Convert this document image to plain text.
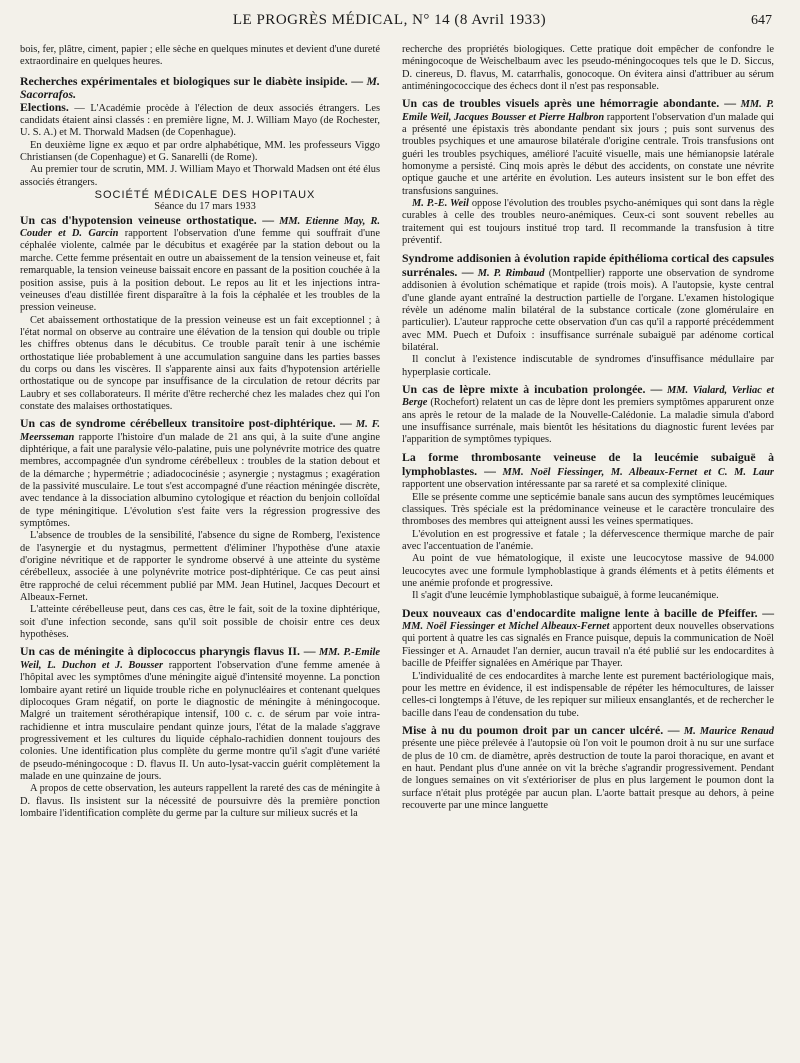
LE PROGRÈS MÉDICAL, N° 14 (8 Avril 1933)	647

bois, fer, plâtre, ciment, papier ; elle sèche en quelques minutes et devient d'une dureté extraordinaire en quelques heures.

Recherches expérimentales et biologiques sur le diabète insipide. — M. Sacorrafos.

Elections. — L'Académie procède à l'élection de deux associés étrangers. Les candidats étaient ainsi classés : en première ligne, M. J. William Mayo (de Rochester, U. S. A.) et M. Thorwald Madsen (de Copenhague).

En deuxième ligne ex æquo et par ordre alphabétique, MM. les professeurs Viggo Christiansen (de Copenhague) et G. Sanarelli (de Rome).

Au premier tour de scrutin, MM. J. William Mayo et Thorwald Madsen ont été élus associés étrangers.

SOCIÉTÉ MÉDICALE DES HOPITAUX

Séance du 17 mars 1933

Un cas d'hypotension veineuse orthostatique. — MM. Etienne May, R. Couder et D. Garcin rapportent l'observation d'une femme qui souffrait d'une céphalée violente, calmée par le décubitus et exagérée par la station debout ou la marche. Cette femme présentait en outre un abaissement de la tension veineuse et, fait remarquable, la tension veineuse baissait encore en passant de la position couchée à la position assise, puis à la position debout. Le repos au lit et les injections intra-veineuses d'eau distillée firent disparaître à la fois la céphalée et les troubles de la pression veineuse.

Cet abaissement orthostatique de la pression veineuse est un fait exceptionnel ; à l'état normal on observe au contraire une élévation de la tension qui double ou triple les chiffres obtenus dans le décubitus. Ce trouble paraît tenir à une ischémie orthostatique liée probablement à une accumulation sanguine dans les parties basses du corps ou dans les viscères. Il s'apparente ainsi aux faits d'hypotension artérielle orthostatique ou de syncope par insuffisance de la circulation de retour décrits par Laubry et ses collaborateurs. Il mérite d'être recherché chez les malades chez qui l'on constate des malaises orthostatiques.

Un cas de syndrome cérébelleux transitoire post-diphtérique. — M. F. Meersseman rapporte l'histoire d'un malade de 21 ans qui, à la suite d'une angine diphtérique, a fait une paralysie vélo-palatine, puis une polynévrite motrice des quatre membres, accompagnée d'un syndrome cérébelleux : troubles de la station debout et de la démarche ; hypermétrie ; adiadococinésie ; asynergie ; nystagmus ; exagération de la passivité musculaire. Le tout s'est accompagné d'une réaction méningée discrète, avec tendance à la dissociation albumino cytologique et réaction du benjoin colloïdal de type méningitique. L'évolution s'est faite vers la régression progressive des symptômes.

L'absence de troubles de la sensibilité, l'absence du signe de Romberg, l'existence de l'asynergie et du nystagmus, permettent d'éliminer l'hypothèse d'une ataxie d'origine névritique et de rapporter le syndrome observé à une atteinte du système cérébelleux, associée à une polynévrite motrice post-diphtérique. Ce cas peut ainsi être rapproché de celui récemment publié par MM. Jean Hutinel, Jacques Decourt et Albeaux-Fernet.

L'atteinte cérébelleuse peut, dans ces cas, être le fait, soit de la toxine diphtérique, soit d'une infection seconde, sans qu'il soit possible de choisir entre ces deux hypothèses.

Un cas de méningite à diplococcus pharyngis flavus II. — MM. P.-Emile Weil, L. Duchon et J. Bousser rapportent l'observation d'une femme amenée à l'hôpital avec les symptômes d'une méningite aiguë d'intensité moyenne. La ponction lombaire ayant retiré un liquide trouble riche en polynucléaires et contenant quelques diplocoques Gram négatif, on porte le diagnostic de méningite à méningocoque. Malgré un traitement sérothérapique intensif, 100 c. c. de sérum par voie intra-rachidienne et intra musculaire pendant quinze jours, l'état de la malade s'aggrave progressivement et les cultures du liquide céphalo-rachidien donnent toujours des colonies. Une identification plus complète du germe montre qu'il s'agit d'une variété de pseudo-méningocoque : D. flavus II. Un auto-lysat-vaccin guérit complètement la malade en une quinzaine de jours.

A propos de cette observation, les auteurs rappellent la rareté des cas de méningite à D. flavus. Ils insistent sur la nécessité de poursuivre dès la première ponction lombaire l'identification complète du germe par la culture sur milieux sucrés et la

recherche des propriétés biologiques. Cette pratique doit empêcher de confondre le méningocoque de Weischelbaum avec les pseudo-méningocoques tels que le D. Siccus, D. cinereus, D. flavus, M. catarrhalis, gonocoque. On évitera ainsi d'attribuer au sérum antiméningococcique des échecs dont il n'est pas responsable.

Un cas de troubles visuels après une hémorragie abondante. — MM. P. Emile Weil, Jacques Bousser et Pierre Halbron rapportent l'observation d'un malade qui a présenté une épistaxis très abondante pendant six jours ; puis sont survenus des troubles psychiques et une amaurose bilatérale d'origine centrale. Trois transfusions ont guéri les troubles psychiques, amélioré l'acuité visuelle, mais une hémianopsie latérale homonyme a persisté. Cinq mois après le début des accidents, on constate une névrite optique gauche et une artérite en évolution. Les auteurs insistent sur le bon effet des transfusions sanguines.

M. P.-E. Weil oppose l'évolution des troubles psycho-anémiques qui sont dans la règle curables à celle des troubles neuro-anémiques. Ceux-ci sont souvent rebelles au traitement qui est toujours institué trop tard. Il recommande la transfusion à titre préventif.

Syndrome addisonien à évolution rapide épithélioma cortical des capsules surrénales. — M. P. Rimbaud (Montpellier) rapporte une observation de syndrome addisonien à évolution schématique et rapide (trois mois). A l'autopsie, kyste central d'une glande ayant entraîné la destruction partielle de l'organe. L'examen histologique révèle un adénome malin bilatéral de la substance corticale (zone glomérulaire en particulier). L'auteur rapproche cette observation d'un cas qu'il a rapporté précédemment avec MM. Puech et Dufoix : insuffisance surrénale subaiguë par adénome cortical bilatéral.

Il conclut à l'existence indiscutable de syndromes d'insuffisance médullaire par hyperplasie corticale.

Un cas de lèpre mixte à incubation prolongée. — MM. Vialard, Verliac et Berge (Rochefort) relatent un cas de lèpre dont les premiers symptômes apparurent onze ans après le retour de la malade de la Nouvelle-Calédonie. La maladie simula d'abord une insuffisance surrénale, mais bientôt les hésitations du diagnostic furent levées par l'apparition de symptômes typiques.

La forme thrombosante veineuse de la leucémie subaiguë à lymphoblastes. — MM. Noël Fiessinger, M. Albeaux-Fernet et C. M. Laur rapportent une observation intéressante par sa rareté et sa complexité clinique.

Elle se présente comme une septicémie banale sans aucun des symptômes leucémiques classiques. Très spéciale est la prédominance veineuse et le caractère tronculaire des thromboses des membres qui atteignent aussi les veines spermatiques.

L'évolution en est progressive et fatale ; la défervescence thermique marche de pair avec l'accentuation de l'anémie.

Au point de vue hématologique, il existe une leucocytose massive de 94.000 leucocytes avec une formule lymphoblastique à grands éléments et à petits éléments et une anémie profonde et progressive.

Il s'agit d'une leucémie lymphoblastique subaiguë, à forme leucanémique.

Deux nouveaux cas d'endocardite maligne lente à bacille de Pfeiffer. — MM. Noël Fiessinger et Michel Albeaux-Fernet apportent deux nouvelles observations qui portent à quatre les cas signalés en France puisque, depuis la communication de Noël Fiessinger et A. Arnaudet l'an dernier, aucun travail n'a été publié sur les endocardites à bacille de Pfeiffer signalées en Amérique par Thayer.

L'individualité de ces endocardites à marche lente est purement bactériologique mais, pour les mettre en évidence, il est indispensable de répéter les hémocultures, de laisser celles-ci longtemps à l'étuve, de les repiquer sur milieux ensanglantés, et de rechercher le bacille dans l'eau de condensation du tube.

Mise à nu du poumon droit par un cancer ulcéré. — M. Maurice Renaud présente une pièce prélevée à l'autopsie où l'on voit le poumon droit à nu sur une surface de plus de 10 cm. de diamètre, après destruction de toute la paroi thoracique, en avant et en haut. Pendant plus d'une année on vit la brèche s'agrandir progressivement. Pendant de longues semaines on vit s'extérioriser de plus en plus largement le poumon dont la surface n'était plus protégée par aucun plan. L'aorte battait presque au dehors, à peine recouverte par une mince languette
